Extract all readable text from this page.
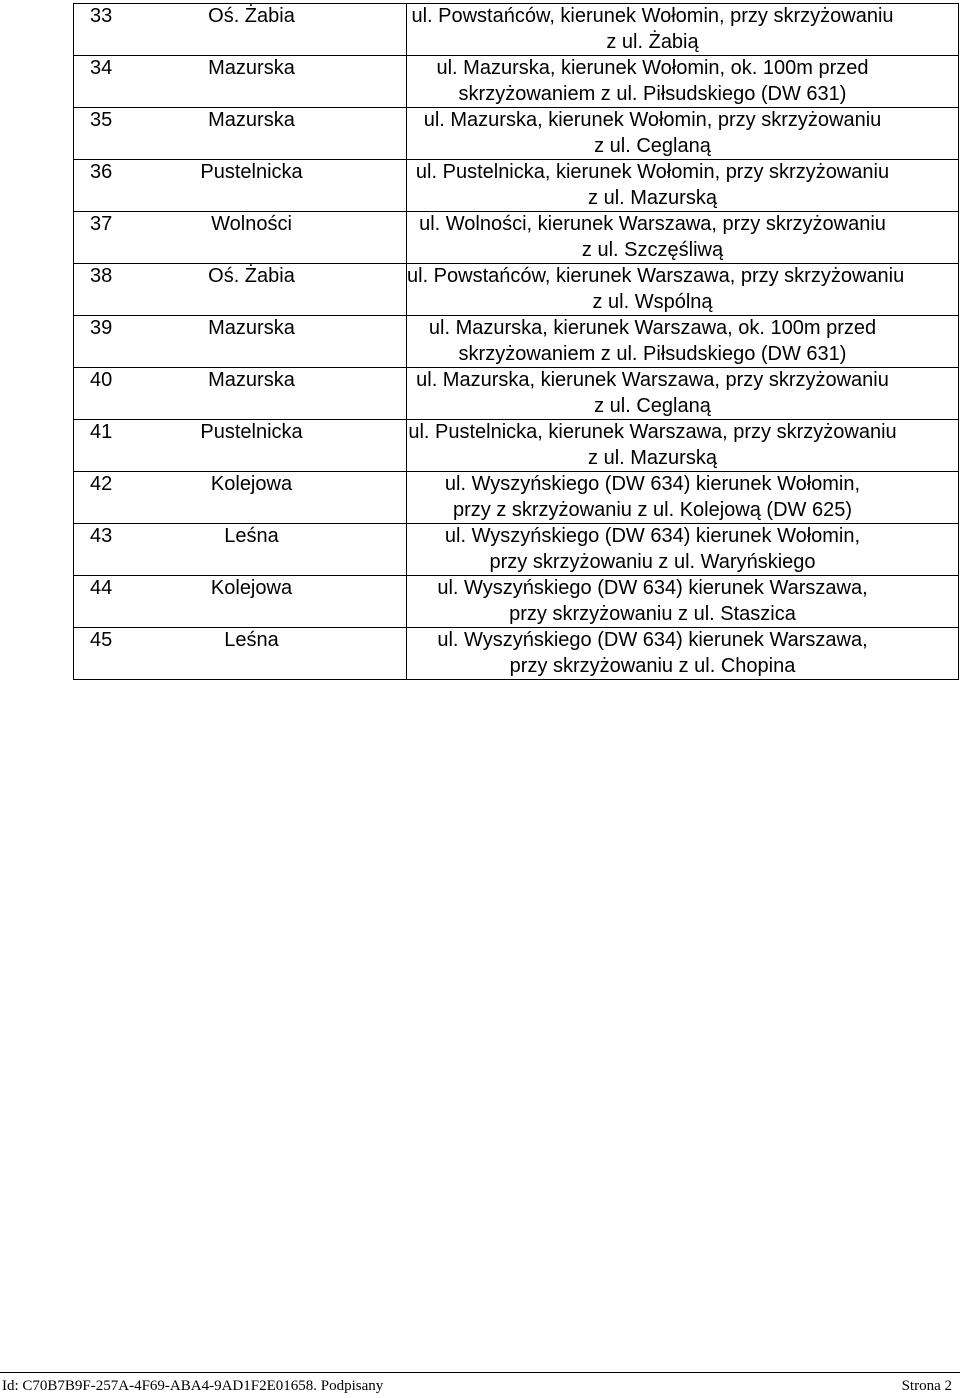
33	Oś. Żabia	ul. Powstańców, kierunek Wołomin, przy skrzyżowaniu
z ul. Żabią

34	Mazurska	ul. Mazurska, kierunek Wołomin, ok. 100m przed
skrzyżowaniem z ul. Piłsudskiego (DW 631)

35	Mazurska	ul. Mazurska, kierunek Wołomin, przy skrzyżowaniu
z ul. Ceglaną

36	Pustelnicka	ul. Pustelnicka, kierunek Wołomin, przy skrzyżowaniu
z ul. Mazurską

37	Wolności	ul. Wolności, kierunek Warszawa, przy skrzyżowaniu
z ul. Szczęśliwą

38	Oś. Żabia	ul. Powstańców, kierunek Warszawa, przy skrzyżowaniu
z ul. Wspólną

39	Mazurska	ul. Mazurska, kierunek Warszawa, ok. 100m przed
skrzyżowaniem z ul. Piłsudskiego (DW 631)

40	Mazurska	ul. Mazurska, kierunek Warszawa, przy skrzyżowaniu
z ul. Ceglaną

41	Pustelnicka	ul. Pustelnicka, kierunek Warszawa, przy skrzyżowaniu
z ul. Mazurską

42	Kolejowa	ul. Wyszyńskiego (DW 634) kierunek Wołomin,
przy z skrzyżowaniu z ul. Kolejową (DW 625)

43	Leśna	ul. Wyszyńskiego (DW 634) kierunek Wołomin,
przy skrzyżowaniu z ul. Waryńskiego

44	Kolejowa	ul. Wyszyńskiego (DW 634) kierunek Warszawa,
przy skrzyżowaniu z ul. Staszica

45	Leśna	ul. Wyszyńskiego (DW 634) kierunek Warszawa,
przy skrzyżowaniu z ul. Chopina
Id: C70B7B9F-257A-4F69-ABA4-9AD1F2E01658. Podpisany	Strona 2
